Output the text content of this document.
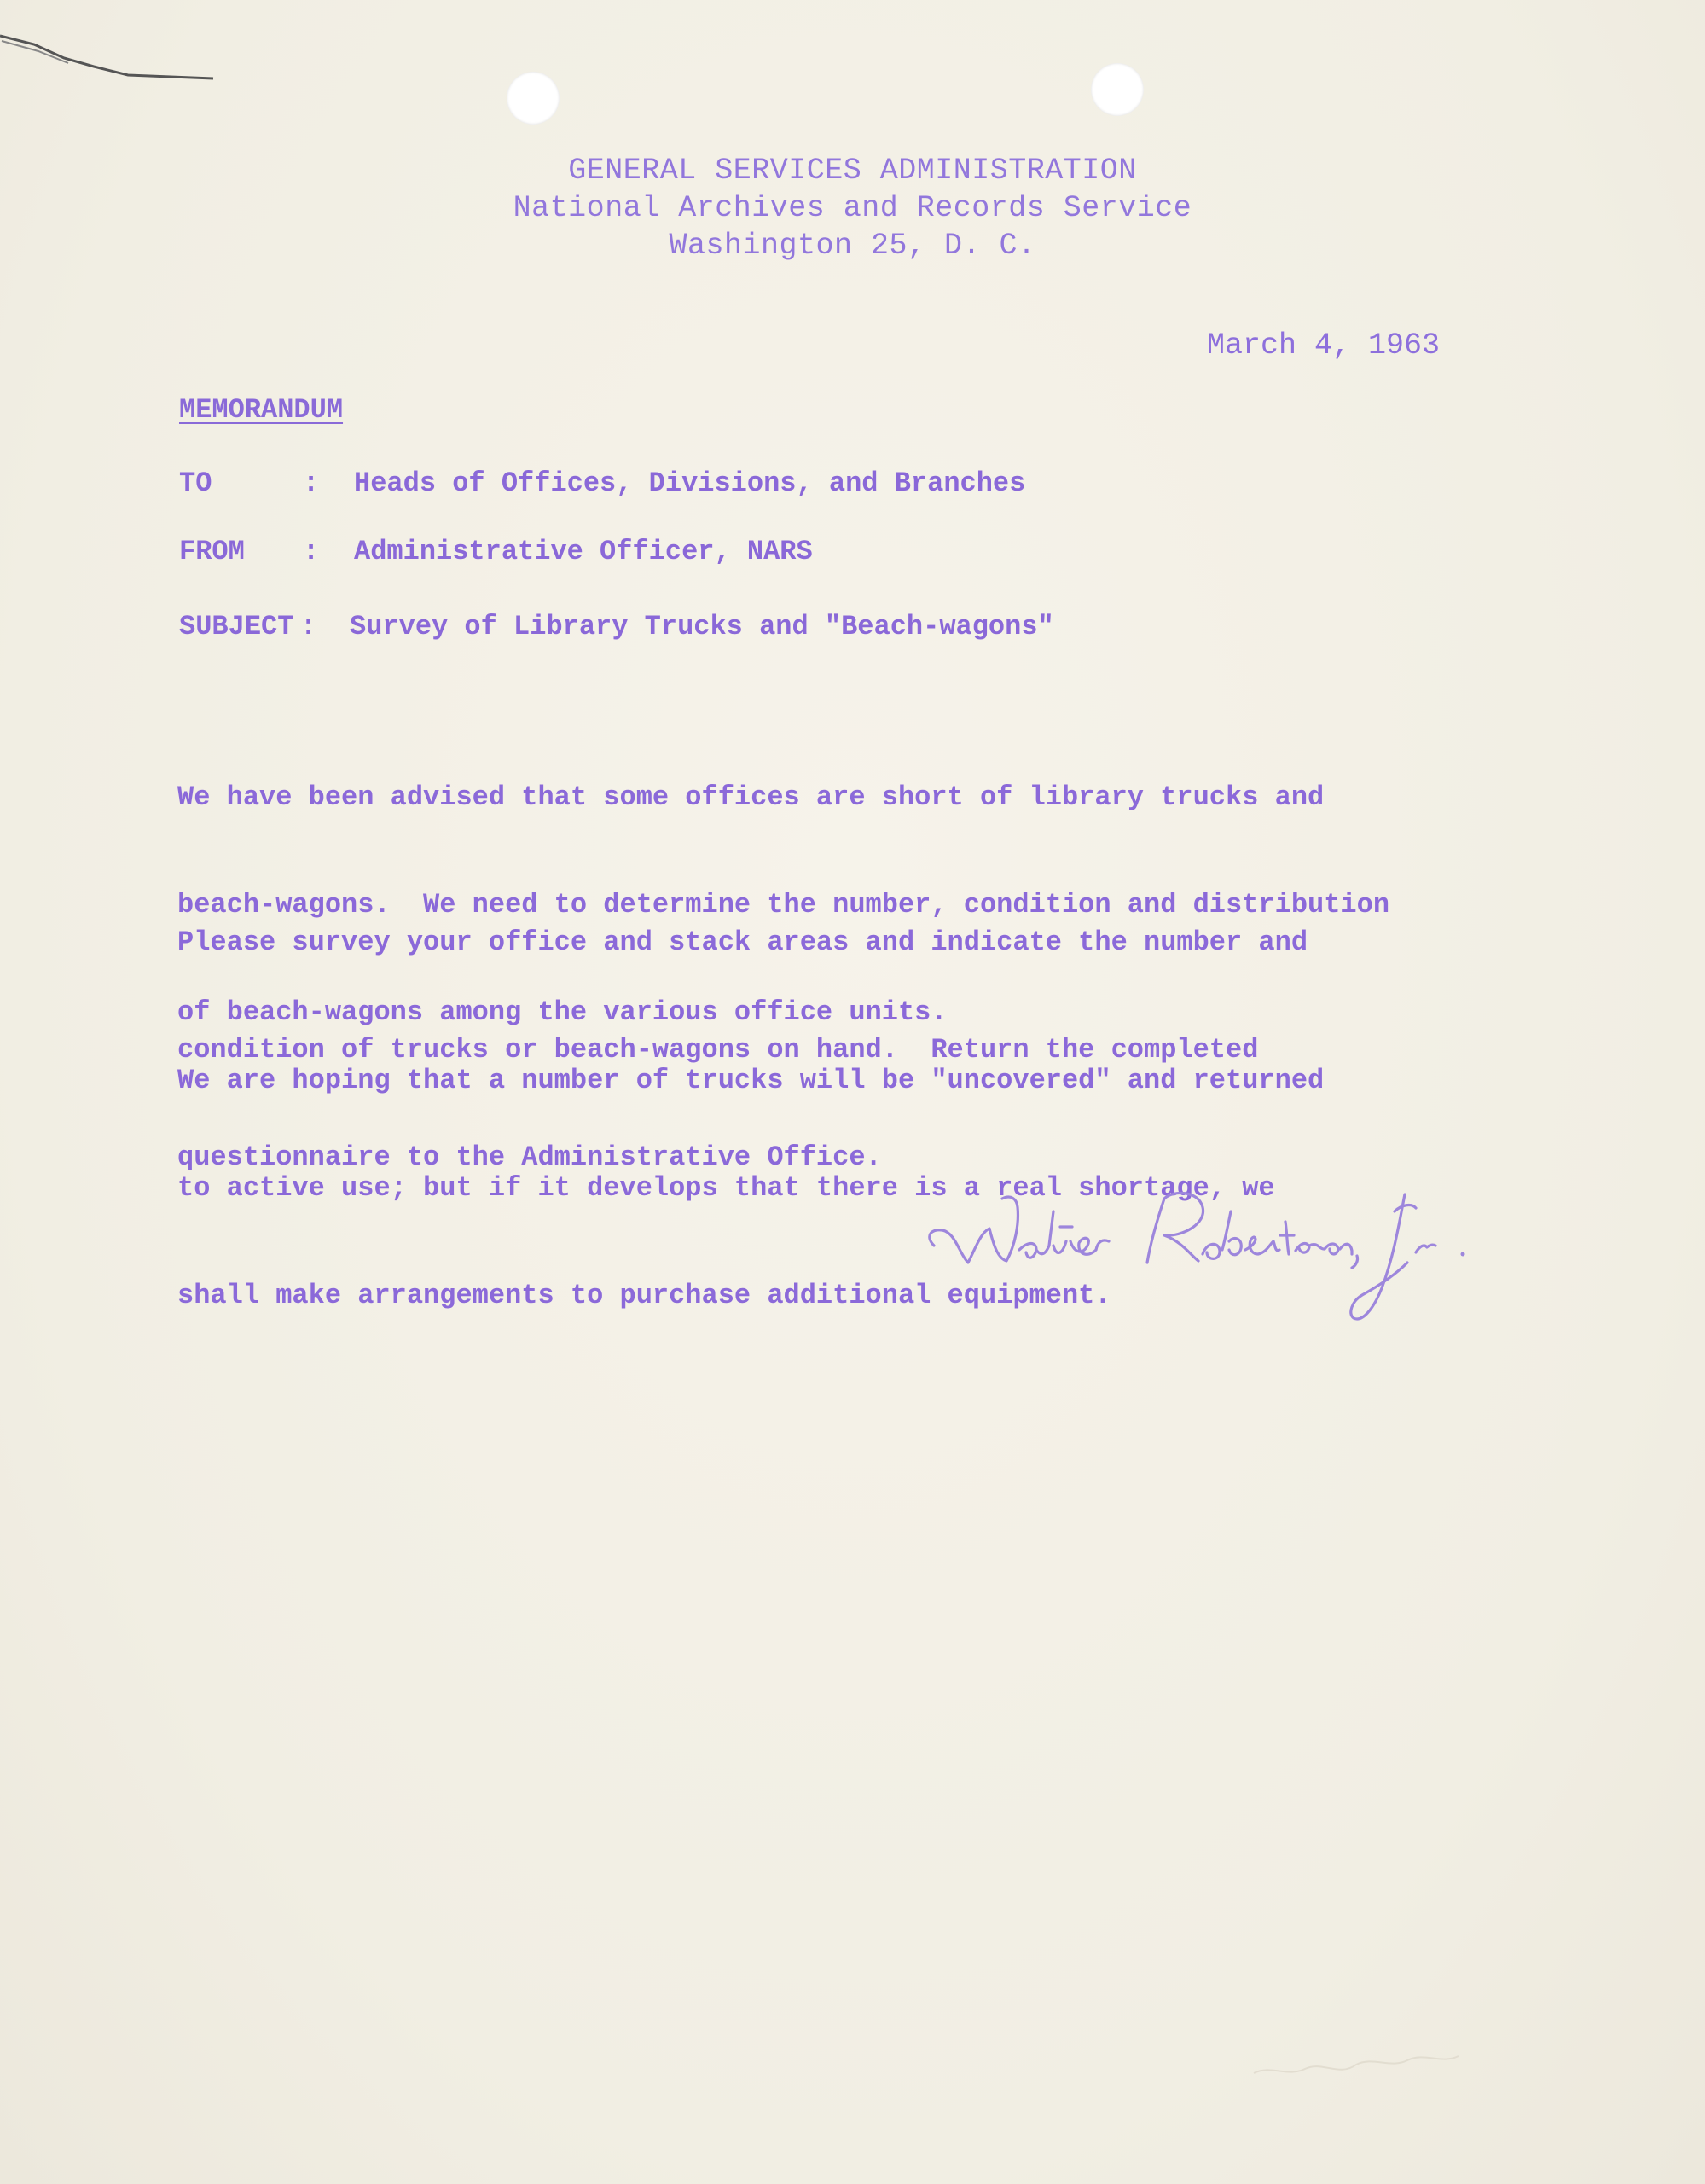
GENERAL SERVICES ADMINISTRATION
National Archives and Records Service
Washington 25, D. C.
March 4, 1963
MEMORANDUM
TO	: Heads of Offices, Divisions, and Branches
FROM : Administrative Officer, NARS
SUBJECT : Survey of Library Trucks and "Beach-wagons"

We have been advised that some offices are short of library trucks and

beach-wagons.  We need to determine the number, condition and distribution

of beach-wagons among the various office units.

Please survey your office and stack areas and indicate the number and

condition of trucks or beach-wagons on hand.  Return the completed

questionnaire to the Administrative Office.

We are hoping that a number of trucks will be "uncovered" and returned

to active use; but if it develops that there is a real shortage, we

shall make arrangements to purchase additional equipment.
